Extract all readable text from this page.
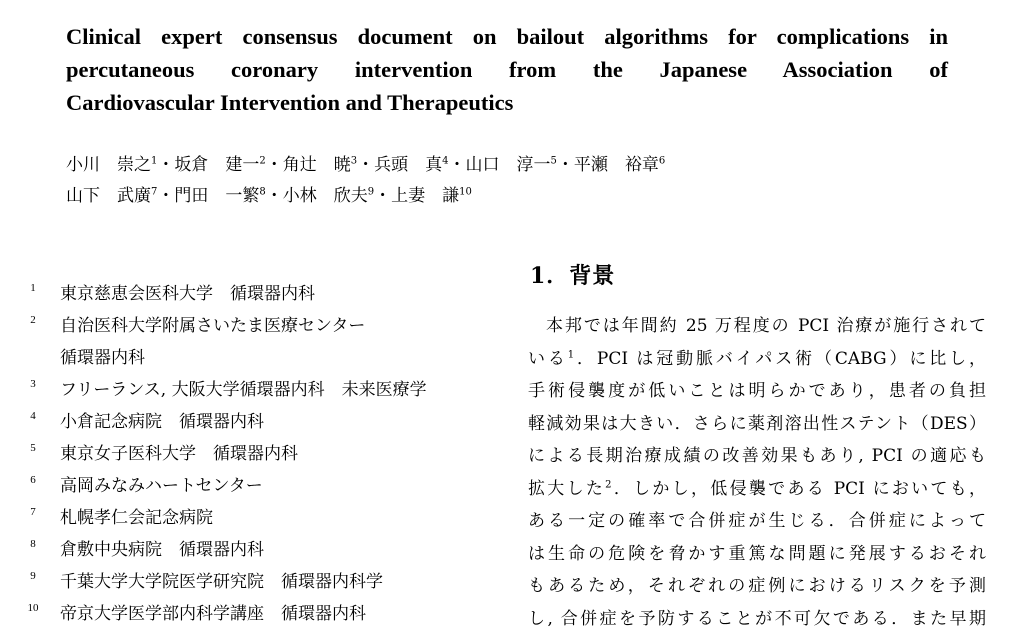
Clinical expert consensus document on bailout algorithms for complications in
percutaneous coronary intervention from the Japanese Association of
Cardiovascular Intervention and Therapeutics
小川　崇之$^1$・坂倉　建一$^2$・角辻　暁$^3$・兵頭　真$^4$・山口　淳一$^5$・平瀬　裕章$^6$
山下　武廣$^7$・門田　一繁$^8$・小林　欣夫$^9$・上妻　謙$^{10}$
1	東京慈恵会医科大学　循環器内科
2	自治医科大学附属さいたま医療センター
循環器内科
3	フリーランス, 大阪大学循環器内科　未来医療学
4	小倉記念病院　循環器内科
5	東京女子医科大学　循環器内科
6	高岡みなみハートセンター
7	札幌孝仁会記念病院
8	倉敷中央病院　循環器内科
9	千葉大学大学院医学研究院　循環器内科学
10	帝京大学医学部内科学講座　循環器内科
1．背景
本邦では年間約 25 万程度の PCI 治療が施行されて
いる$^1$．PCI は冠動脈バイパス術（CABG）に比し，
手術侵襲度が低いことは明らかであり，患者の負担
軽減効果は大きい．さらに薬剤溶出性ステント（DES）
による長期治療成績の改善効果もあり, PCI の適応も
拡大した$^2$．しかし，低侵襲である PCI においても，
ある一定の確率で合併症が生じる．合併症によって
は生命の危険を脅かす重篤な問題に発展するおそれ
もあるため，それぞれの症例におけるリスクを予測
し, 合併症を予防することが不可欠である．また早期
